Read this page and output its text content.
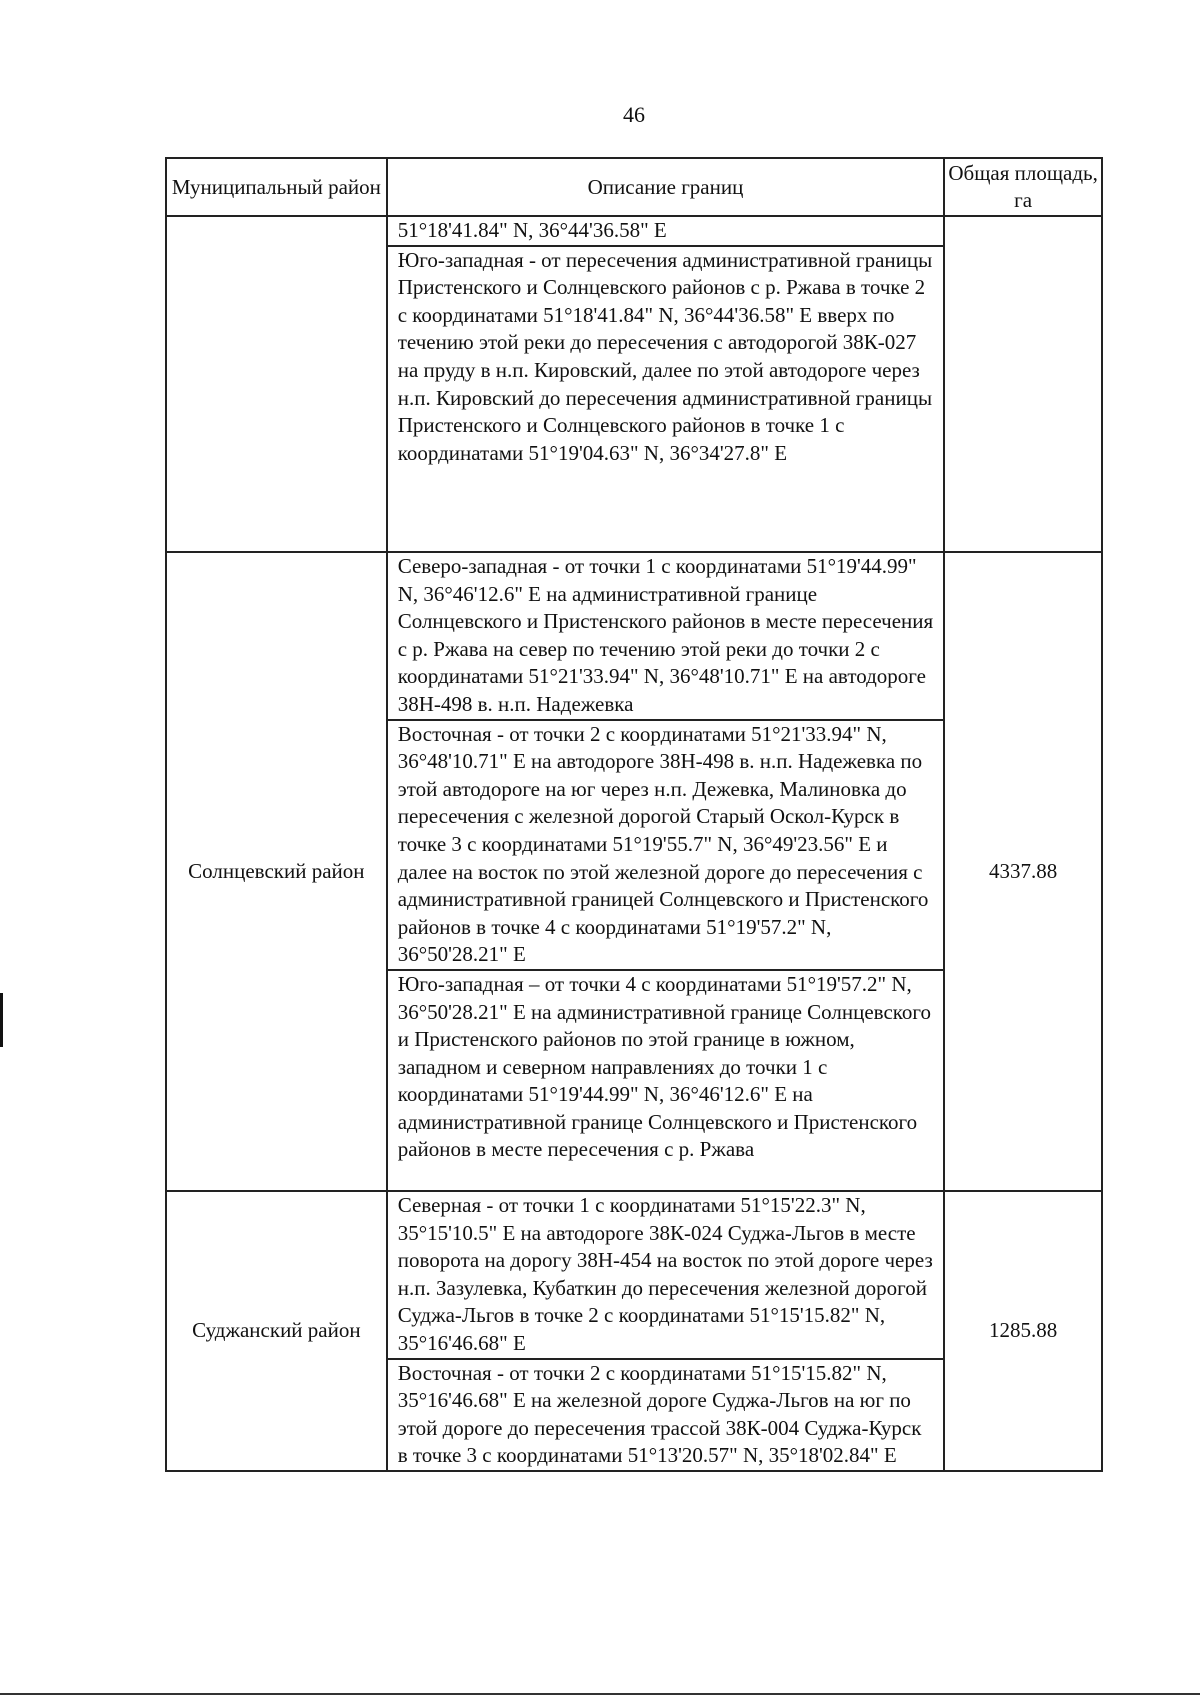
46
Муниципальный район	Описание границ	Общая площадь, га

	51°18'41.84" N, 36°44'36.58" E
Юго-западная - от пересечения административной границы Пристенского и Солнцевского районов с р. Ржава в точке 2 с координатами 51°18'41.84" N, 36°44'36.58" E вверх по течению этой реки до пересечения с автодорогой 38К-027 на пруду в н.п. Кировский, далее по этой автодороге через н.п. Кировский до пересечения административной границы Пристенского и Солнцевского районов в точке 1 с координатами 51°19'04.63" N, 36°34'27.8" E	

Солнцевский район	Северо-западная - от точки 1 с координатами 51°19'44.99" N, 36°46'12.6" E на административной границе Солнцевского и Пристенского районов в месте пересечения с р. Ржава на север по течению этой реки до точки 2 с координатами 51°21'33.94" N, 36°48'10.71" E на автодороге 38Н-498 в. н.п. Надежевка
Восточная - от точки 2 с координатами 51°21'33.94" N, 36°48'10.71" E на автодороге 38Н-498 в. н.п. Надежевка по этой автодороге на юг через н.п. Дежевка, Малиновка до пересечения с железной дорогой Старый Оскол-Курск в точке 3 с координатами 51°19'55.7" N, 36°49'23.56" E и далее на восток по этой железной дороге до пересечения с административной границей Солнцевского и Пристенского районов в точке 4 с координатами 51°19'57.2" N, 36°50'28.21" E
Юго-западная – от точки 4 с координатами 51°19'57.2" N, 36°50'28.21" E на административной границе Солнцевского и Пристенского районов по этой границе в южном, западном и северном направлениях до точки 1 с координатами 51°19'44.99" N, 36°46'12.6" E на административной границе Солнцевского и Пристенского районов в месте пересечения с р. Ржава	4337.88
Суджанский район	Северная - от точки 1 с координатами 51°15'22.3" N, 35°15'10.5" E на автодороге 38К-024 Суджа-Льгов в месте поворота на дорогу 38Н-454 на восток по этой дороге через н.п. Зазулевка, Кубаткин до пересечения железной дорогой Суджа-Льгов в точке 2 с координатами 51°15'15.82" N, 35°16'46.68" E
Восточная - от точки 2 с координатами 51°15'15.82" N, 35°16'46.68" E на железной дороге Суджа-Льгов на юг по этой дороге до пересечения трассой 38К-004 Суджа-Курск в точке 3 с координатами 51°13'20.57" N, 35°18'02.84" E	1285.88
